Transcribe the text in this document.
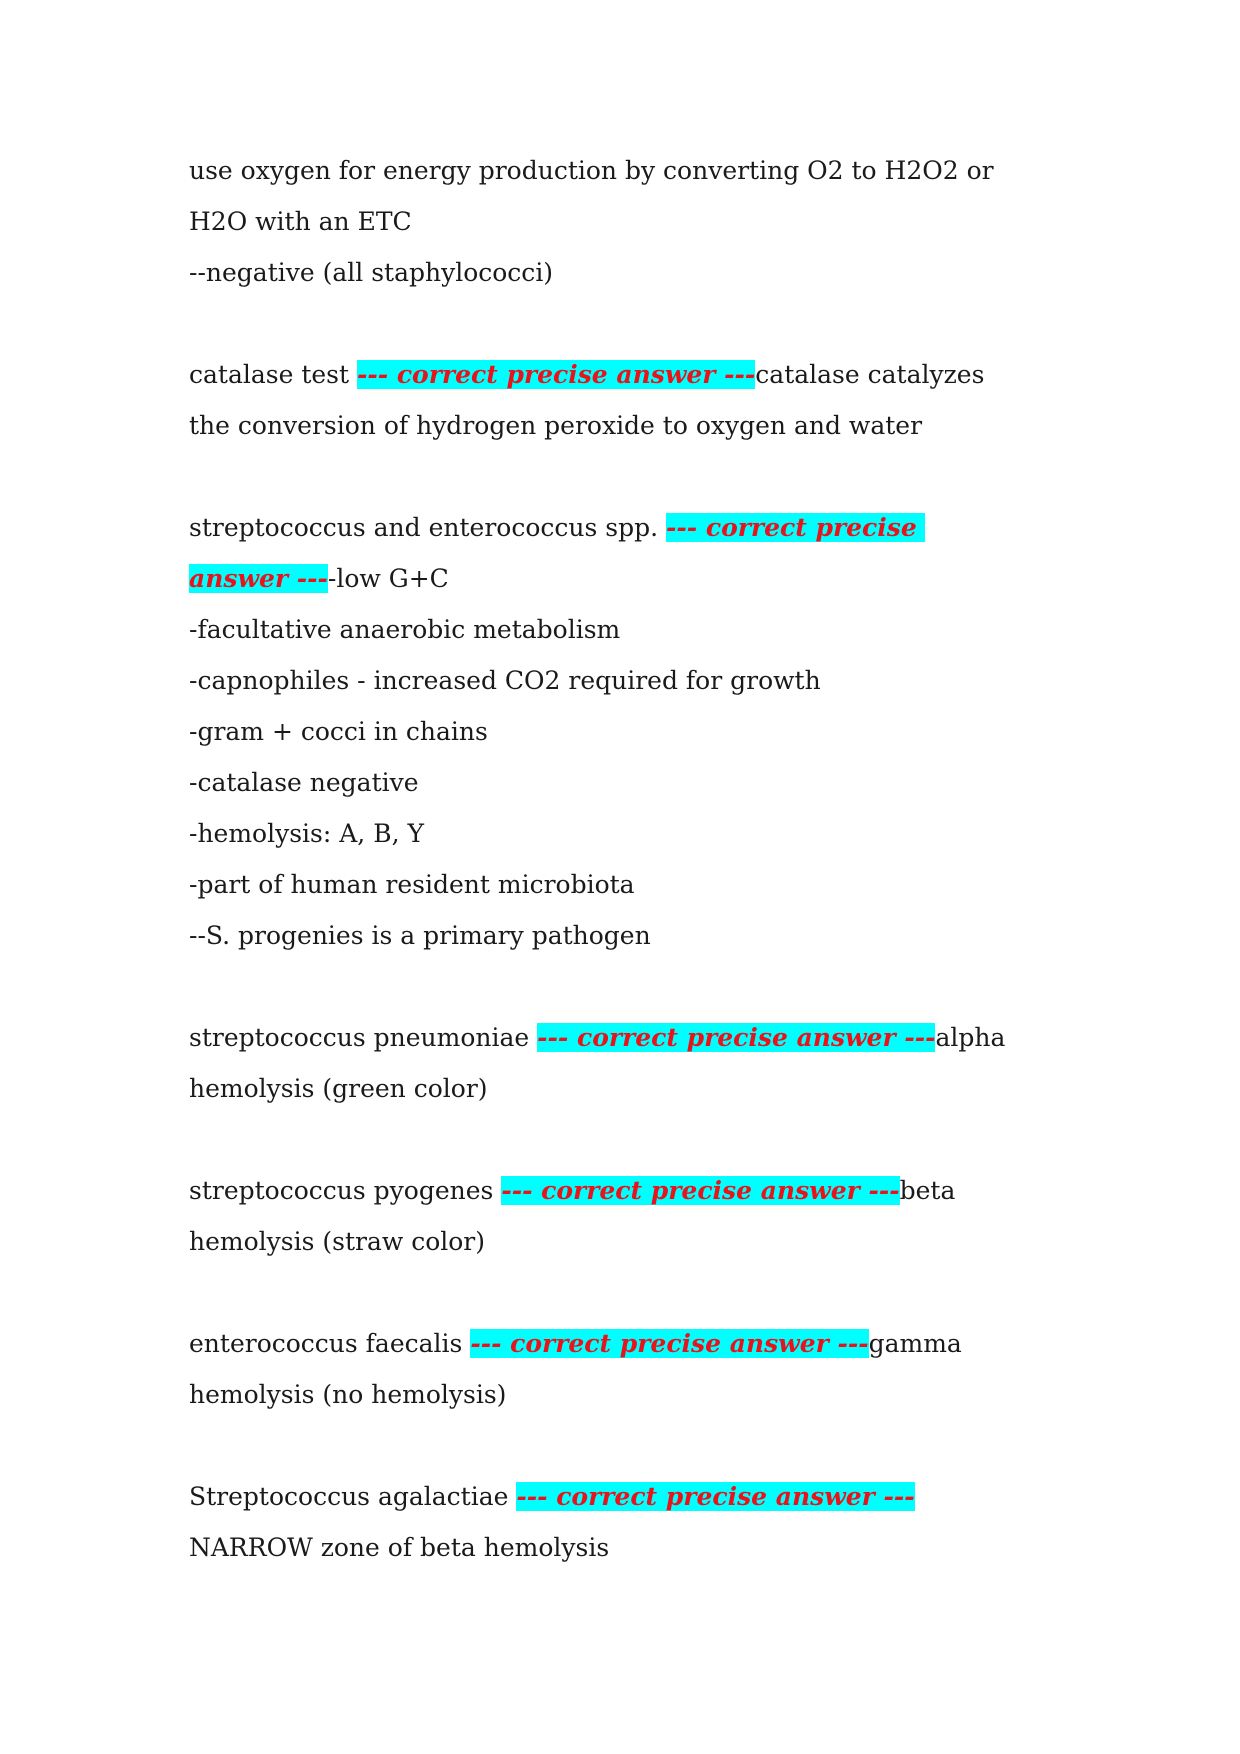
use oxygen for energy production by converting O2 to H2O2 or
H2O with an ETC
--negative (all staphylococci)
catalase test --- correct precise answer ---catalase catalyzes
the conversion of hydrogen peroxide to oxygen and water
streptococcus and enterococcus spp. --- correct precise
answer ----low G+C
-facultative anaerobic metabolism
-capnophiles - increased CO2 required for growth
-gram + cocci in chains
-catalase negative
-hemolysis: A, B, Y
-part of human resident microbiota
--S. progenies is a primary pathogen
streptococcus pneumoniae --- correct precise answer ---alpha
hemolysis (green color)
streptococcus pyogenes --- correct precise answer ---beta
hemolysis (straw color)
enterococcus faecalis --- correct precise answer ---gamma
hemolysis (no hemolysis)
Streptococcus agalactiae --- correct precise answer ---
NARROW zone of beta hemolysis
